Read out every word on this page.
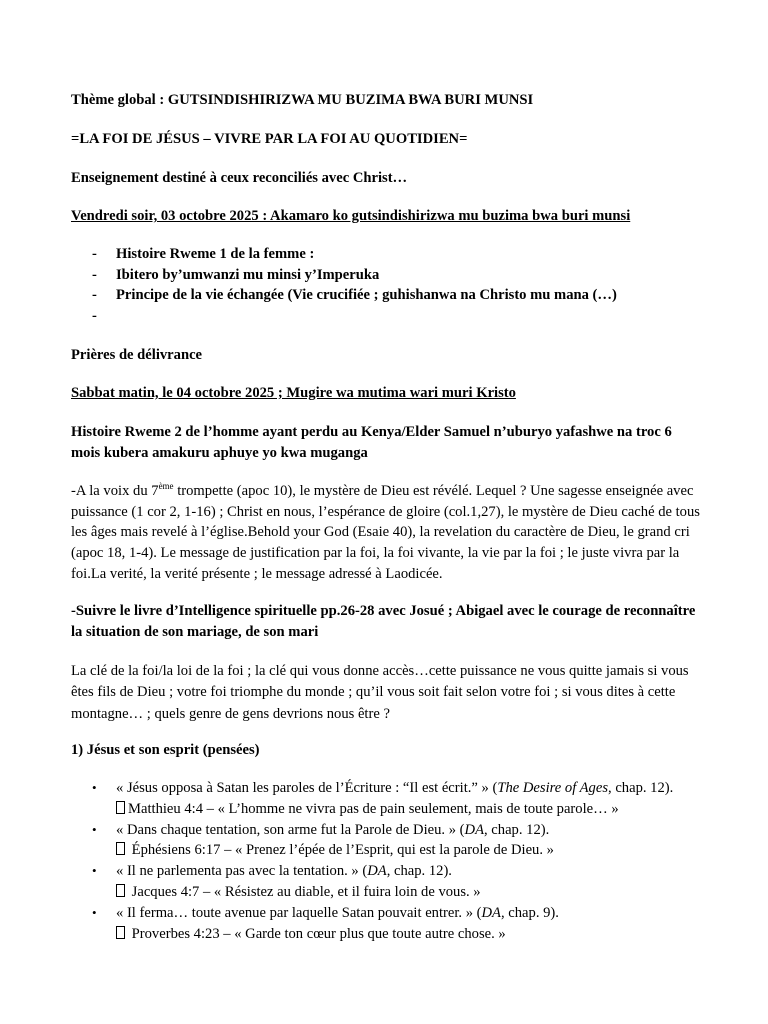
Thème global : GUTSINDISHIRIZWA MU BUZIMA BWA BURI MUNSI

=LA FOI DE JÉSUS – VIVRE PAR LA FOI AU QUOTIDIEN=

Enseignement destiné à ceux reconciliés avec Christ…

Vendredi soir, 03 octobre 2025 : Akamaro ko gutsindishirizwa mu buzima bwa buri munsi

- Histoire Rweme 1 de la femme :
- Ibitero by’umwanzi mu minsi y’Imperuka
- Principe de la vie échangée (Vie crucifiée ; guhishanwa na Christo mu mana (…)
-

Prières de délivrance

Sabbat matin, le 04 octobre 2025 ; Mugire wa mutima wari muri Kristo

Histoire Rweme 2 de l’homme ayant perdu au Kenya/Elder Samuel n’uburyo yafashwe na troc 6 mois kubera amakuru aphuye yo kwa muganga

-A la voix du 7ème trompette (apoc 10), le mystère de Dieu est révélé. Lequel ? Une sagesse enseignée avec puissance (1 cor 2, 1-16) ; Christ en nous, l’espérance de gloire (col.1,27), le mystère de Dieu caché de tous les âges mais revelé à l’église.Behold your God (Esaie 40), la revelation du caractère de Dieu, le grand cri (apoc 18, 1-4). Le message de justification par la foi, la foi vivante, la vie par la foi ; le juste vivra par la foi.La verité, la verité présente ; le message adressé à Laodicée.

-Suivre le livre d’Intelligence spirituelle pp.26-28 avec Josué ; Abigael avec le courage de reconnaître la situation de son mariage, de son mari

La clé de la foi/la loi de la foi ; la clé qui vous donne accès…cette puissance ne vous quitte jamais si vous êtes fils de Dieu ; votre foi triomphe du monde ; qu’il vous soit fait selon votre foi ; si vous dites à cette montagne… ; quels genre de gens devrions nous être ?

1) Jésus et son esprit (pensées)

• « Jésus opposa à Satan les paroles de l’Écriture : “Il est écrit.” » (The Desire of Ages, chap. 12).
Matthieu 4:4 – « L’homme ne vivra pas de pain seulement, mais de toute parole… »
• « Dans chaque tentation, son arme fut la Parole de Dieu. » (DA, chap. 12).
Éphésiens 6:17 – « Prenez l’épée de l’Esprit, qui est la parole de Dieu. »
• « Il ne parlementa pas avec la tentation. » (DA, chap. 12).
Jacques 4:7 – « Résistez au diable, et il fuira loin de vous. »
• « Il ferma… toute avenue par laquelle Satan pouvait entrer. » (DA, chap. 9).
Proverbes 4:23 – « Garde ton cœur plus que toute autre chose. »
